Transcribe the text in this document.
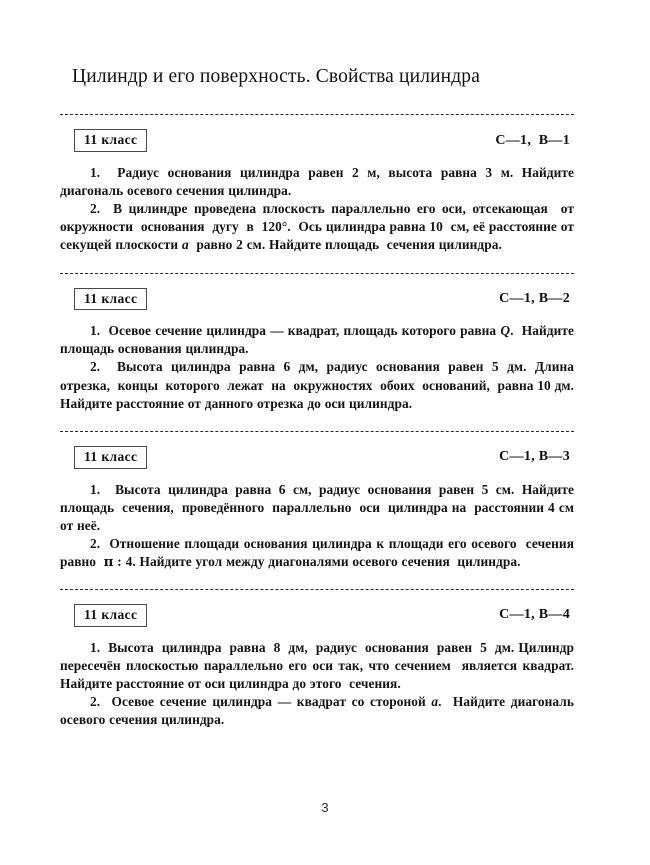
Цилиндр и его поверхность. Свойства цилиндра
11 класс	С—1,  В—1

1.  Радиус основания цилиндра равен 2 м, высота равна 3 м. Найдите  диагональ осевого сечения цилиндра.

2.  В цилиндре проведена плоскость параллельно его оси, отсекающая  от  окружности  основания  дугу  в  120°.  Ось цилиндра равна 10  см, её расстояние от секущей плоскости a  равно 2 см. Найдите площадь  сечения цилиндра.

11 класс	С—1, В—2

1.  Осевое сечение цилиндра — квадрат, площадь которого равна Q.  Найдите площадь основания цилиндра.

2.  Высота цилиндра равна 6 дм, радиус основания равен 5 дм. Длина  отрезка,  концы  которого  лежат  на  окружностях  обоих  оснований,  равна 10 дм. Найдите расстояние от данного отрезка до оси цилиндра.

11 класс	С—1, В—3

1.  Высота цилиндра равна 6 см, радиус основания равен 5 см. Найдите  площадь  сечения,  проведённого  параллельно  оси  цилиндра на  расстоянии 4 см от неё.

2.  Отношение площади основания цилиндра к площади его осевого  сечения равно  π : 4. Найдите угол между диагоналями осевого сечения  цилиндра.

11 класс	С—1, В—4

1.  Высота  цилиндра  равна  8  дм,  радиус  основания  равен  5  дм. Цилиндр  пересечён плоскостью параллельно его оси так, что сечением  является квадрат. Найдите расстояние от оси цилиндра до этого  сечения.

2.  Осевое сечение цилиндра — квадрат со стороной a.  Найдите диагональ  осевого сечения цилиндра.

3
